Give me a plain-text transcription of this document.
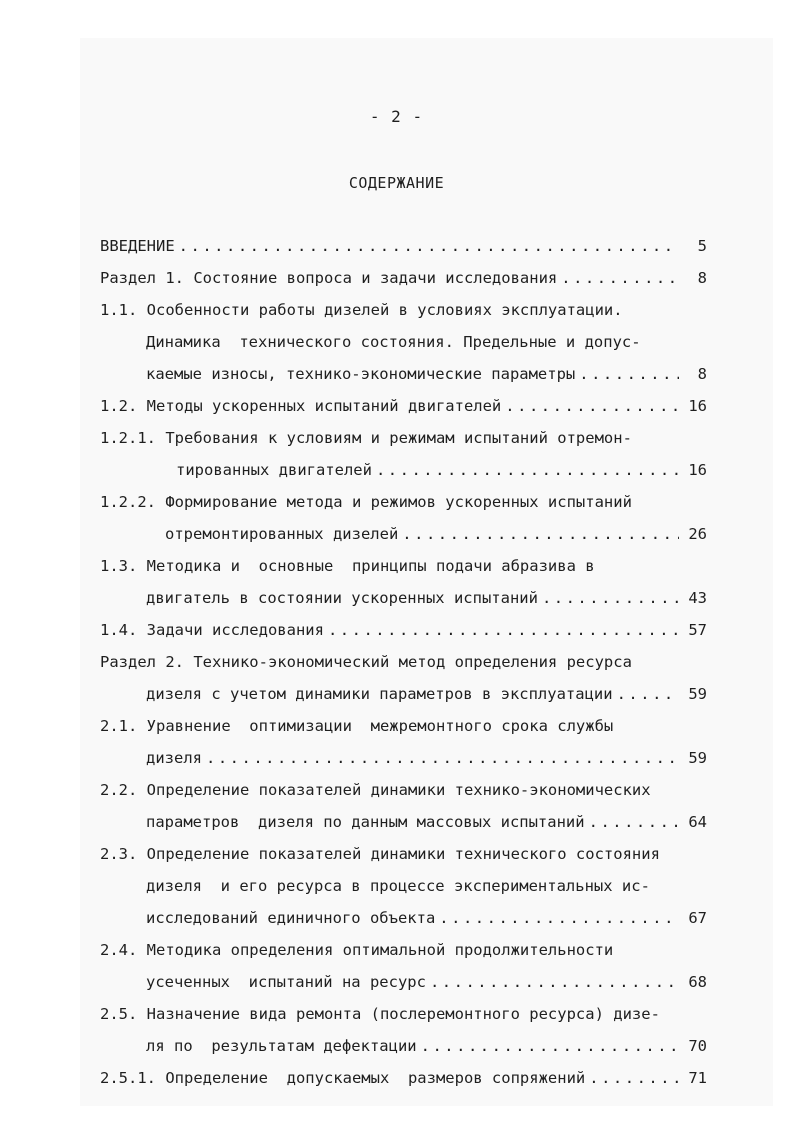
- 2 -
СОДЕРЖАНИЕ
ВВЕДЕНИЕ .....	5
Раздел 1. Состояние вопроса и задачи исследования .....	8
1.1. Особенности работы дизелей в условиях эксплуатации.
Динамика  технического состояния. Предельные и допус-
каемые износы, технико-экономические параметры .....	8
1.2. Методы ускоренных испытаний двигателей .....	16
1.2.1. Требования к условиям и режимам испытаний отремон-
тированных двигателей .....	16
1.2.2. Формирование метода и режимов ускоренных испытаний
отремонтированных дизелей .....	26
1.3. Методика и  основные  принципы подачи абразива в
двигатель в состоянии ускоренных испытаний .....	43
1.4. Задачи исследования .....	57
Раздел 2. Технико-экономический метод определения ресурса
дизеля с учетом динамики параметров в эксплуатации .....	59
2.1. Уравнение  оптимизации  межремонтного срока службы
дизеля .....	59
2.2. Определение показателей динамики технико-экономических
параметров  дизеля по данным массовых испытаний .....	64
2.3. Определение показателей динамики технического состояния
дизеля  и его ресурса в процессе экспериментальных ис-
исследований единичного объекта .....	67
2.4. Методика определения оптимальной продолжительности
усеченных  испытаний на ресурс .....	68
2.5. Назначение вида ремонта (послеремонтного ресурса) дизе-
ля по  результатам дефектации .....	70
2.5.1. Определение  допускаемых  размеров сопряжений .....	71
